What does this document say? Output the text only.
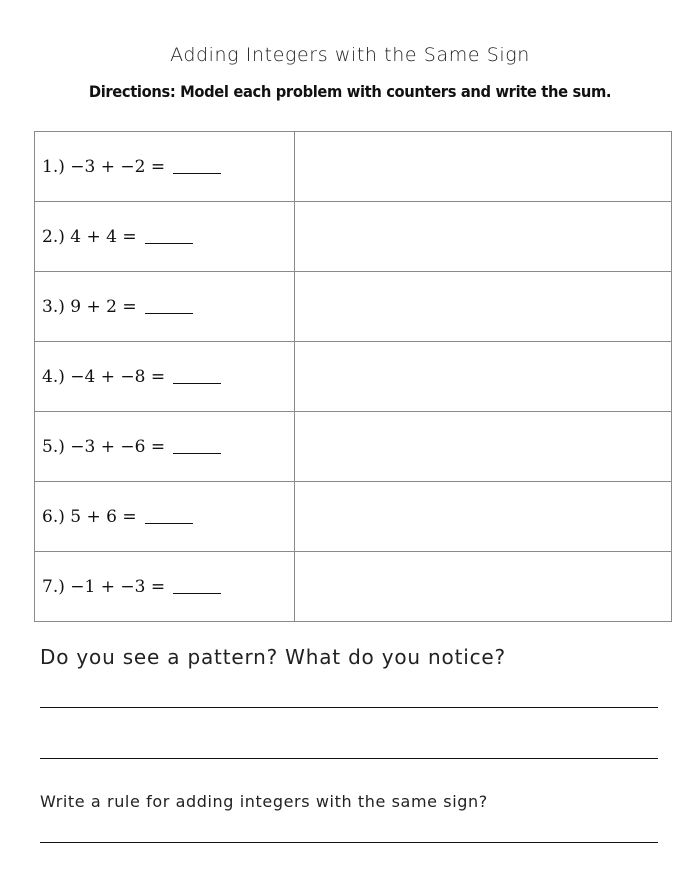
Adding Integers with the Same Sign

Directions: Model each problem with counters and write the sum.

1.) −3 + −2 =	
2.) 4 + 4 =	
3.) 9 + 2 =	
4.) −4 + −8 =	
5.) −3 + −6 =	
6.) 5 + 6 =	
7.) −1 + −3 =	

Do you see a pattern? What do you notice?

Write a rule for adding integers with the same sign?
